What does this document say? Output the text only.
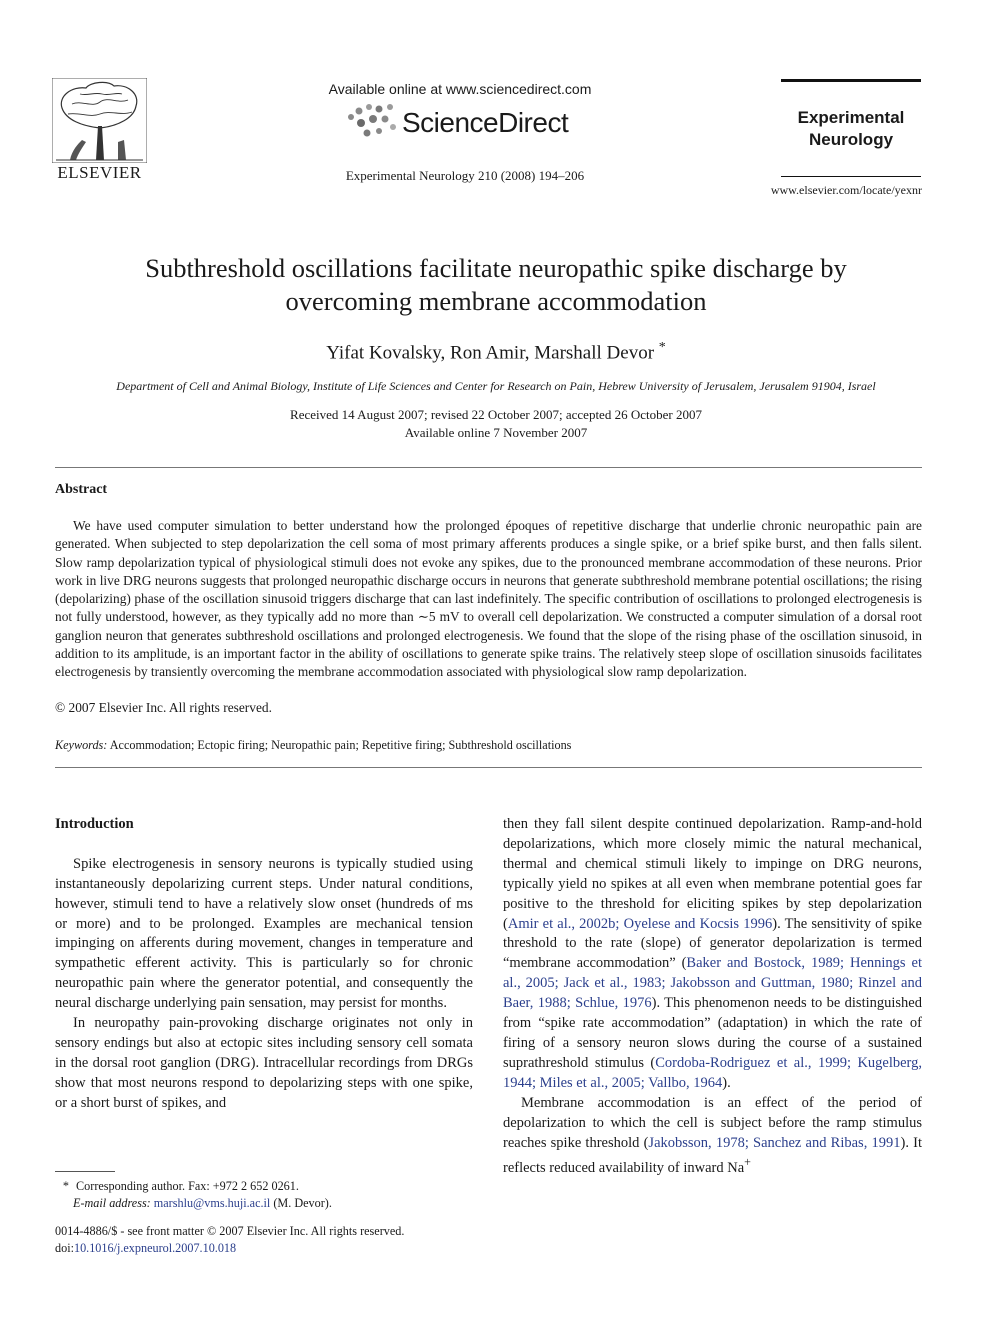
ELSEVIER
Available online at www.sciencedirect.com
ScienceDirect
Experimental Neurology 210 (2008) 194–206
Experimental
Neurology
www.elsevier.com/locate/yexnr
Subthreshold oscillations facilitate neuropathic spike discharge by
overcoming membrane accommodation
Yifat Kovalsky, Ron Amir, Marshall Devor *
Department of Cell and Animal Biology, Institute of Life Sciences and Center for Research on Pain, Hebrew University of Jerusalem, Jerusalem 91904, Israel
Received 14 August 2007; revised 22 October 2007; accepted 26 October 2007
Available online 7 November 2007
Abstract
We have used computer simulation to better understand how the prolonged époques of repetitive discharge that underlie chronic neuropathic pain are generated. When subjected to step depolarization the cell soma of most primary afferents produces a single spike, or a brief spike burst, and then falls silent. Slow ramp depolarization typical of physiological stimuli does not evoke any spikes, due to the pronounced membrane accommodation of these neurons. Prior work in live DRG neurons suggests that prolonged neuropathic discharge occurs in neurons that generate subthreshold membrane potential oscillations; the rising (depolarizing) phase of the oscillation sinusoid triggers discharge that can last indefinitely. The specific contribution of oscillations to prolonged electrogenesis is not fully understood, however, as they typically add no more than ∼5 mV to overall cell depolarization. We constructed a computer simulation of a dorsal root ganglion neuron that generates subthreshold oscillations and prolonged electrogenesis. We found that the slope of the rising phase of the oscillation sinusoid, in addition to its amplitude, is an important factor in the ability of oscillations to generate spike trains. The relatively steep slope of oscillation sinusoids facilitates electrogenesis by transiently overcoming the membrane accommodation associated with physiological slow ramp depolarization.
© 2007 Elsevier Inc. All rights reserved.
Keywords: Accommodation; Ectopic firing; Neuropathic pain; Repetitive firing; Subthreshold oscillations
Introduction

Spike electrogenesis in sensory neurons is typically studied using instantaneously depolarizing current steps. Under natural conditions, however, stimuli tend to have a relatively slow onset (hundreds of ms or more) and to be prolonged. Examples are mechanical tension impinging on afferents during movement, changes in temperature and sympathetic efferent activity. This is particularly so for chronic neuropathic pain where the generator potential, and consequently the neural discharge underlying pain sensation, may persist for months.

In neuropathy pain-provoking discharge originates not only in sensory endings but also at ectopic sites including sensory cell somata in the dorsal root ganglion (DRG). Intracellular recordings from DRGs show that most neurons respond to depolarizing steps with one spike, or a short burst of spikes, and

then they fall silent despite continued depolarization. Ramp-and-hold depolarizations, which more closely mimic the natural mechanical, thermal and chemical stimuli likely to impinge on DRG neurons, typically yield no spikes at all even when membrane potential goes far positive to the threshold for eliciting spikes by step depolarization (Amir et al., 2002b; Oyelese and Kocsis 1996). The sensitivity of spike threshold to the rate (slope) of generator depolarization is termed “membrane accommodation” (Baker and Bostock, 1989; Hennings et al., 2005; Jack et al., 1983; Jakobsson and Guttman, 1980; Rinzel and Baer, 1988; Schlue, 1976). This phenomenon needs to be distinguished from “spike rate accommodation” (adaptation) in which the rate of firing of a sensory neuron slows during the course of a sustained suprathreshold stimulus (Cordoba-Rodriguez et al., 1999; Kugelberg, 1944; Miles et al., 2005; Vallbo, 1964).

Membrane accommodation is an effect of the period of depolarization to which the cell is subject before the ramp stimulus reaches spike threshold (Jakobsson, 1978; Sanchez and Ribas, 1991). It reflects reduced availability of inward Na+

* Corresponding author. Fax: +972 2 652 0261.
E-mail address: marshlu@vms.huji.ac.il (M. Devor).
0014-4886/$ - see front matter © 2007 Elsevier Inc. All rights reserved.
doi:10.1016/j.expneurol.2007.10.018
